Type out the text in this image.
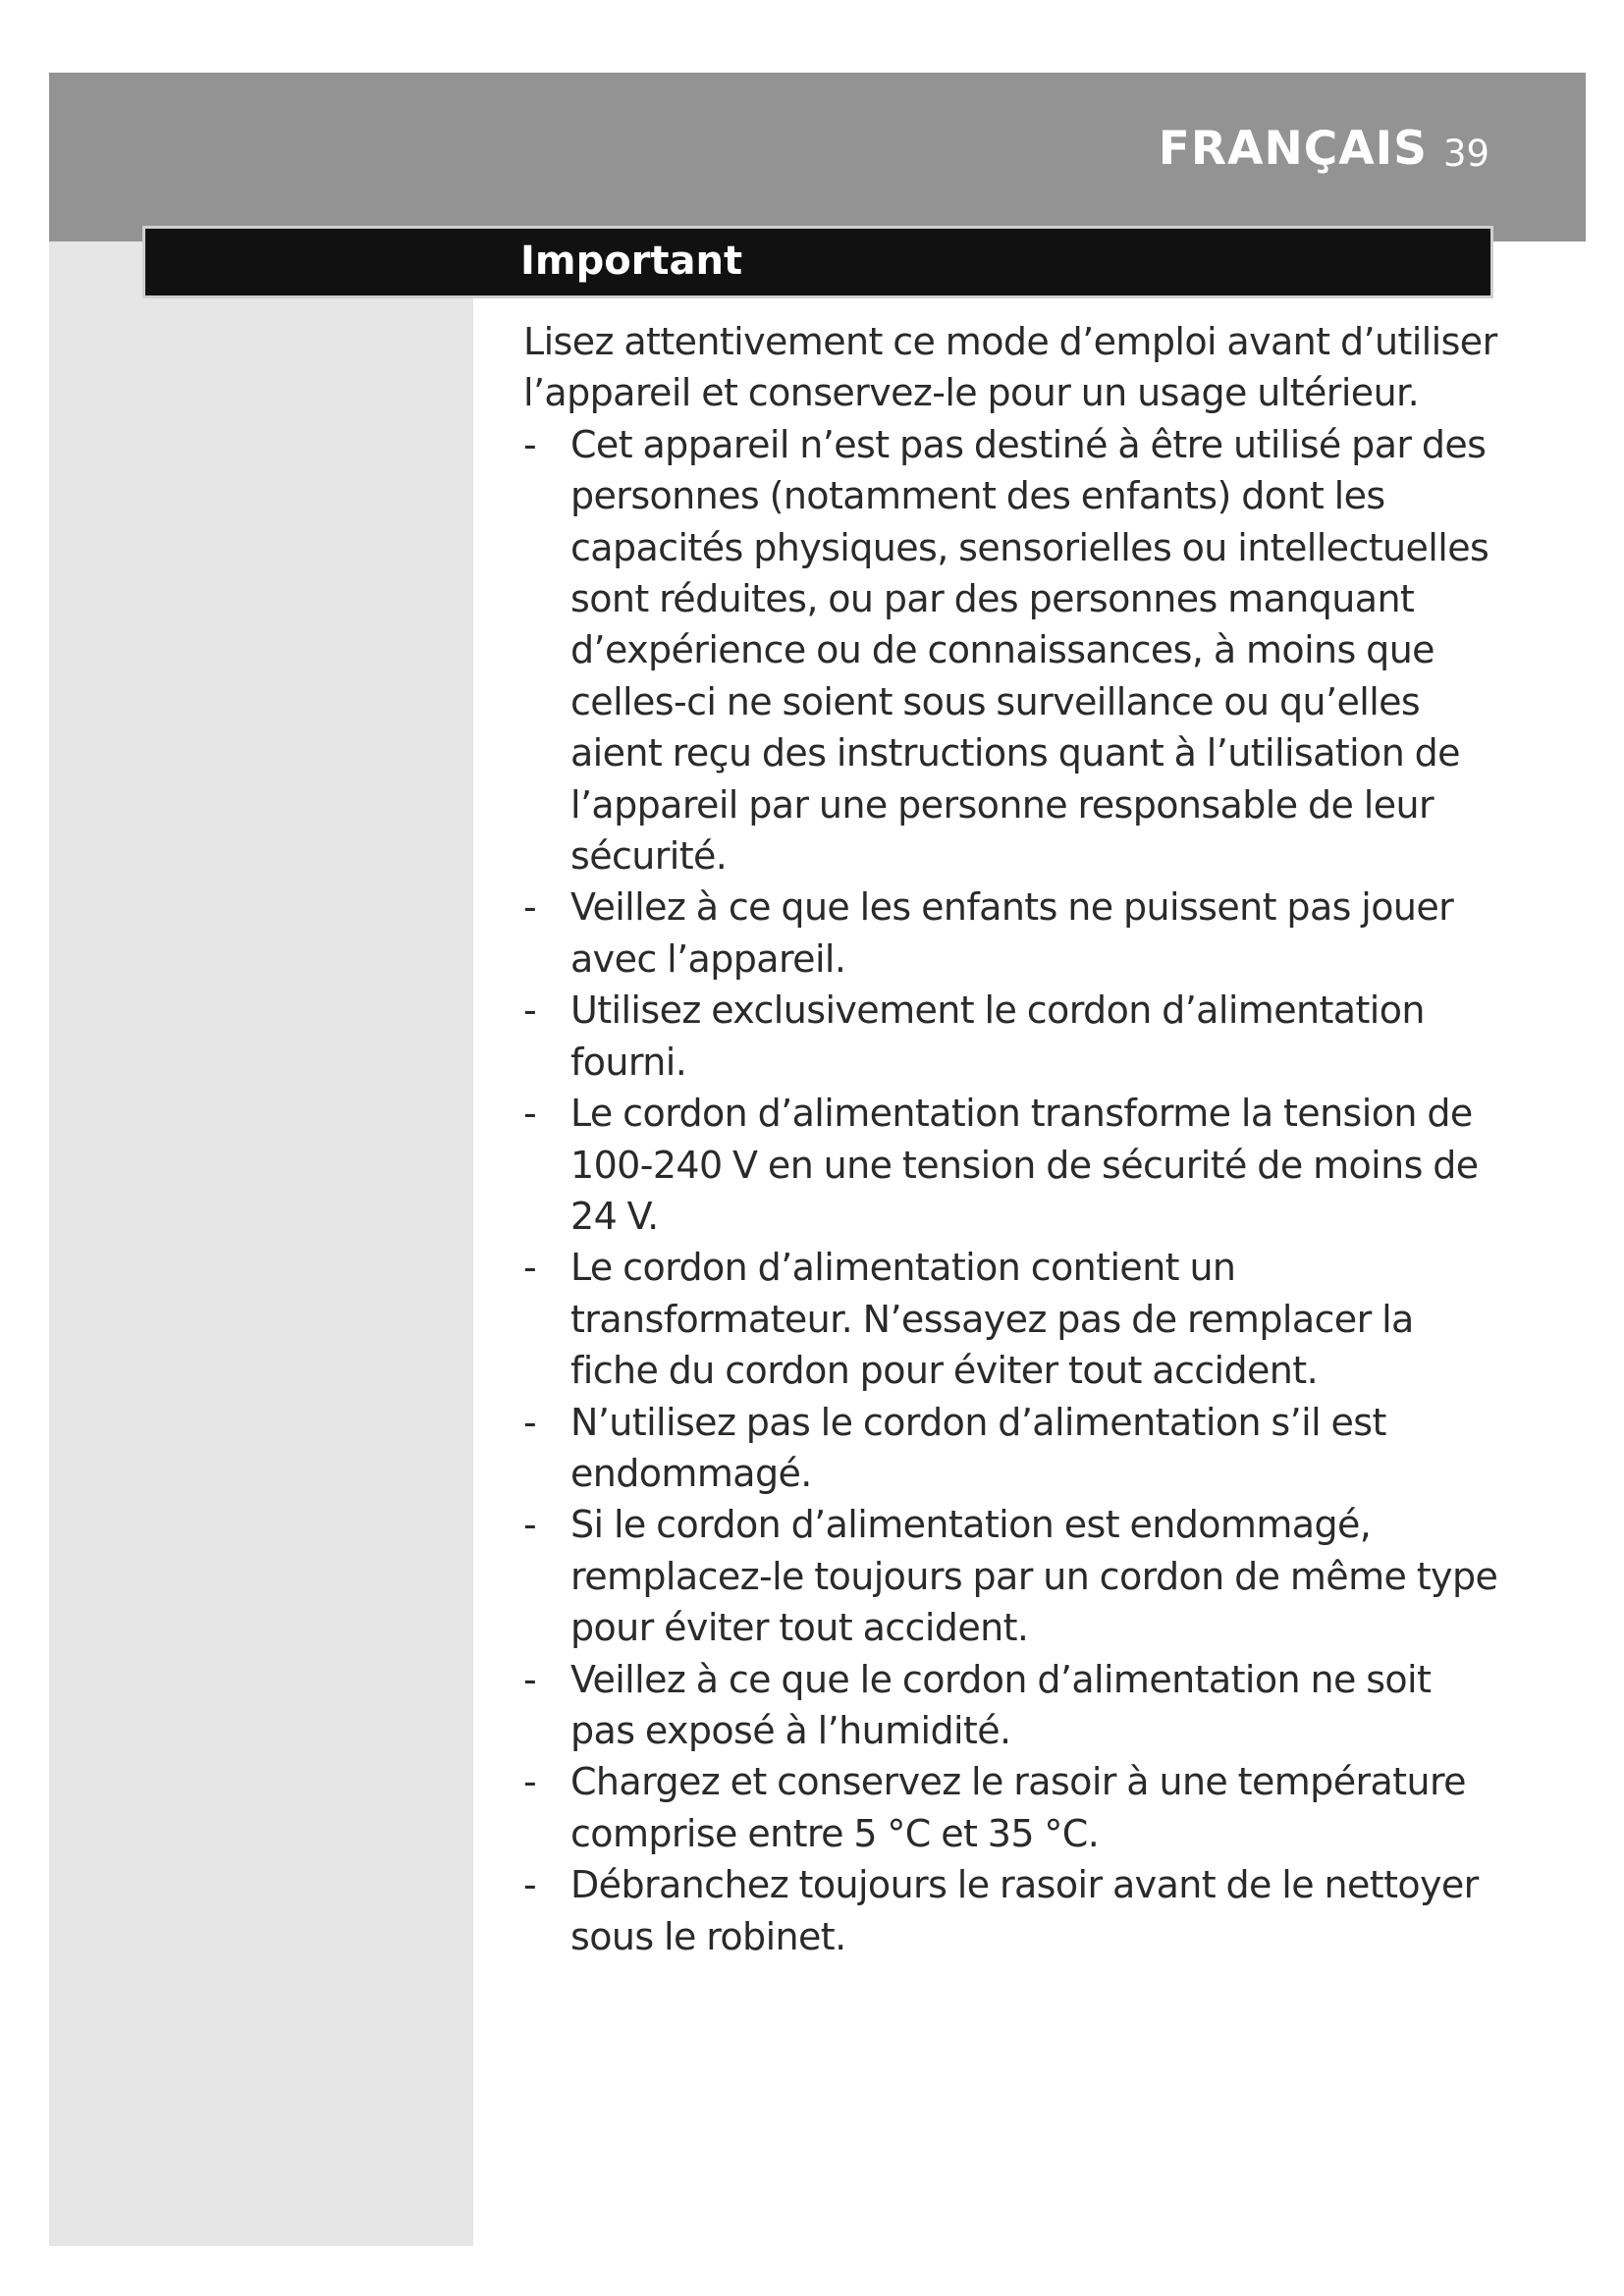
FRANÇAIS 39
Important

Lisez attentivement ce mode d’emploi avant d’utiliser l’appareil et conservez-le pour un usage ultérieur.

- Cet appareil n’est pas destiné à être utilisé par des personnes (notamment des enfants) dont les capacités physiques, sensorielles ou intellectuelles sont réduites, ou par des personnes manquant d’expérience ou de connaissances, à moins que celles-ci ne soient sous surveillance ou qu’elles aient reçu des instructions quant à l’utilisation de l’appareil par une personne responsable de leur sécurité.
- Veillez à ce que les enfants ne puissent pas jouer avec l’appareil.
- Utilisez exclusivement le cordon d’alimentation fourni.
- Le cordon d’alimentation transforme la tension de 100-240 V en une tension de sécurité de moins de 24 V.
- Le cordon d’alimentation contient un transformateur. N’essayez pas de remplacer la fiche du cordon pour éviter tout accident.
- N’utilisez pas le cordon d’alimentation s’il est endommagé.
- Si le cordon d’alimentation est endommagé, remplacez-le toujours par un cordon de même type pour éviter tout accident.
- Veillez à ce que le cordon d’alimentation ne soit pas exposé à l’humidité.
- Chargez et conservez le rasoir à une température comprise entre 5 °C et 35 °C.
- Débranchez toujours le rasoir avant de le nettoyer sous le robinet.
